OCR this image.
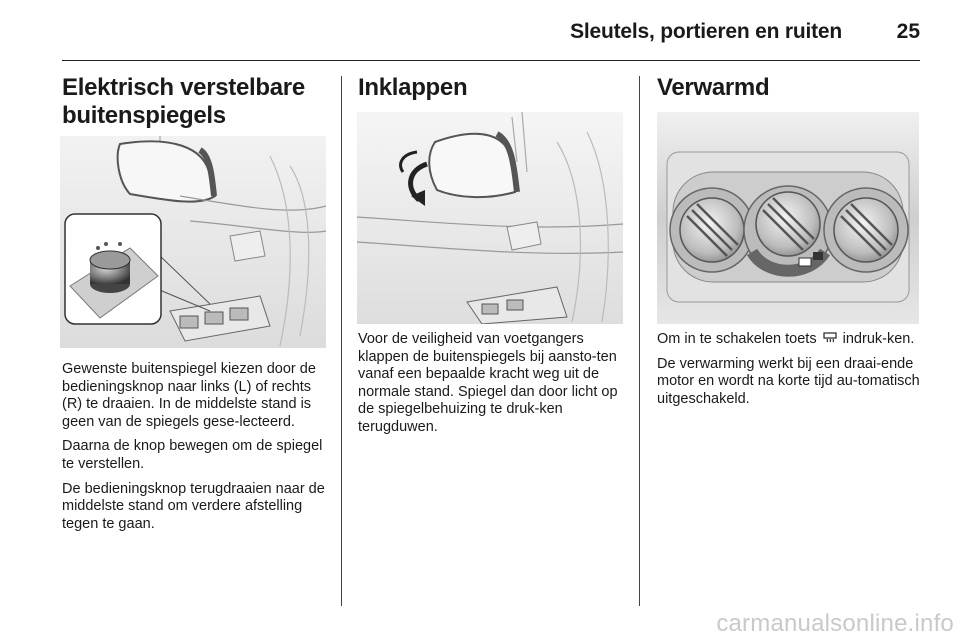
Sleutels, portieren en ruiten	25
Elektrisch verstelbare
buitenspiegels

Gewenste buitenspiegel kiezen door de bedieningsknop naar links (L) of rechts (R) te draaien. In de middelste stand is geen van de spiegels gese-lecteerd.

Daarna de knop bewegen om de spiegel te verstellen.

De bedieningsknop terugdraaien naar de middelste stand om verdere afstelling tegen te gaan.

Inklappen

Voor de veiligheid van voetgangers klappen de buitenspiegels bij aansto-ten vanaf een bepaalde kracht weg uit de normale stand. Spiegel dan door licht op de spiegelbehuizing te druk-ken terugduwen.

Verwarmd

Om in te schakelen toets indruk-ken.

De verwarming werkt bij een draai-ende motor en wordt na korte tijd au-tomatisch uitgeschakeld.

carmanualsonline.info
